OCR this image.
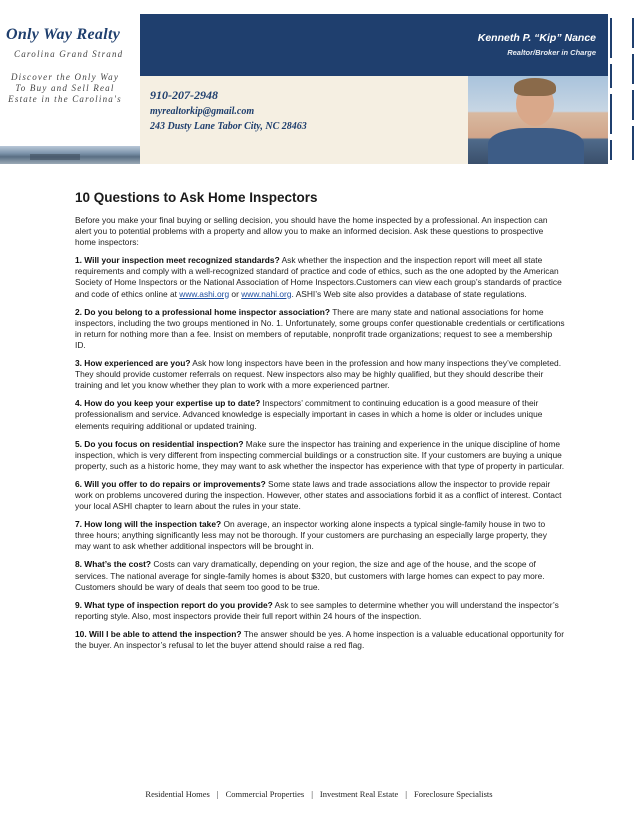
Only Way Realty
Carolina Grand Strand
Discover the Only Way To Buy and Sell Real Estate in the Carolina's
Kenneth P. “Kip” Nance
Realtor/Broker in Charge
910-207-2948
myrealtorkip@gmail.com
243 Dusty Lane Tabor City, NC 28463
10 Questions to Ask Home Inspectors

Before you make your final buying or selling decision, you should have the home inspected by a professional. An inspection can alert you to potential problems with a property and allow you to make an informed decision. Ask these questions to prospective home inspectors:

1. Will your inspection meet recognized standards? Ask whether the inspection and the inspection report will meet all state requirements and comply with a well-recognized standard of practice and code of ethics, such as the one adopted by the American Society of Home Inspectors or the National Association of Home Inspectors.Customers can view each group’s standards of practice and code of ethics online at www.ashi.org or www.nahi.org. ASHI’s Web site also provides a database of state regulations.

2. Do you belong to a professional home inspector association? There are many state and national associations for home inspectors, including the two groups mentioned in No. 1. Unfortunately, some groups confer questionable credentials or certifications in return for nothing more than a fee. Insist on members of reputable, nonprofit trade organizations; request to see a membership ID.

3. How experienced are you? Ask how long inspectors have been in the profession and how many inspections they’ve completed. They should provide customer referrals on request. New inspectors also may be highly qualified, but they should describe their training and let you know whether they plan to work with a more experienced partner.

4. How do you keep your expertise up to date? Inspectors’ commitment to continuing education is a good measure of their professionalism and service. Advanced knowledge is especially important in cases in which a home is older or includes unique elements requiring additional or updated training.

5. Do you focus on residential inspection? Make sure the inspector has training and experience in the unique discipline of home inspection, which is very different from inspecting commercial buildings or a construction site. If your customers are buying a unique property, such as a historic home, they may want to ask whether the inspector has experience with that type of property in particular.

6. Will you offer to do repairs or improvements? Some state laws and trade associations allow the inspector to provide repair work on problems uncovered during the inspection. However, other states and associations forbid it as a conflict of interest. Contact your local ASHI chapter to learn about the rules in your state.

7. How long will the inspection take? On average, an inspector working alone inspects a typical single-family house in two to three hours; anything significantly less may not be thorough. If your customers are purchasing an especially large property, they may want to ask whether additional inspectors will be brought in.

8. What’s the cost? Costs can vary dramatically, depending on your region, the size and age of the house, and the scope of services. The national average for single-family homes is about $320, but customers with large homes can expect to pay more. Customers should be wary of deals that seem too good to be true.

9. What type of inspection report do you provide? Ask to see samples to determine whether you will understand the inspector’s reporting style. Also, most inspectors provide their full report within 24 hours of the inspection.

10. Will I be able to attend the inspection? The answer should be yes. A home inspection is a valuable educational opportunity for the buyer. An inspector’s refusal to let the buyer attend should raise a red flag.

Residential Homes | Commercial Properties | Investment Real Estate | Foreclosure Specialists
